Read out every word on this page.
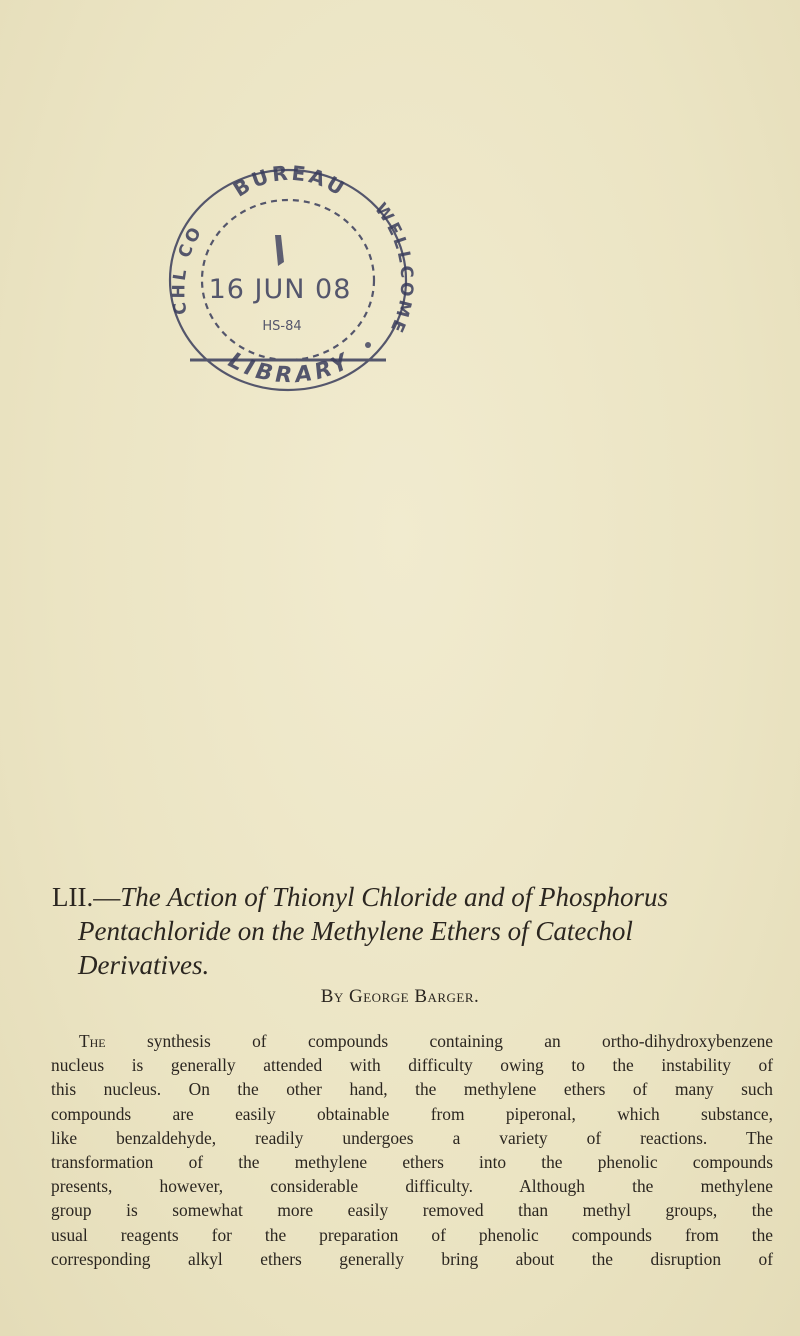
BUREAU
LIBRARY
CHL CO
WELLCOME
16 JUN 08
HS-84

LII.—The Action of Thionyl Chloride and of Phosphorus

Pentachloride on the Methylene Ethers of Catechol

Derivatives.

By George Barger.
The synthesis of compounds containing an ortho-dihydroxybenzene
nucleus is generally attended with difficulty owing to the instability of
this nucleus. On the other hand, the methylene ethers of many such
compounds are easily obtainable from piperonal, which substance,
like benzaldehyde, readily undergoes a variety of reactions. The
transformation of the methylene ethers into the phenolic compounds
presents, however, considerable difficulty. Although the methylene
group is somewhat more easily removed than methyl groups, the
usual reagents for the preparation of phenolic compounds from the
corresponding alkyl ethers generally bring about the disruption of
